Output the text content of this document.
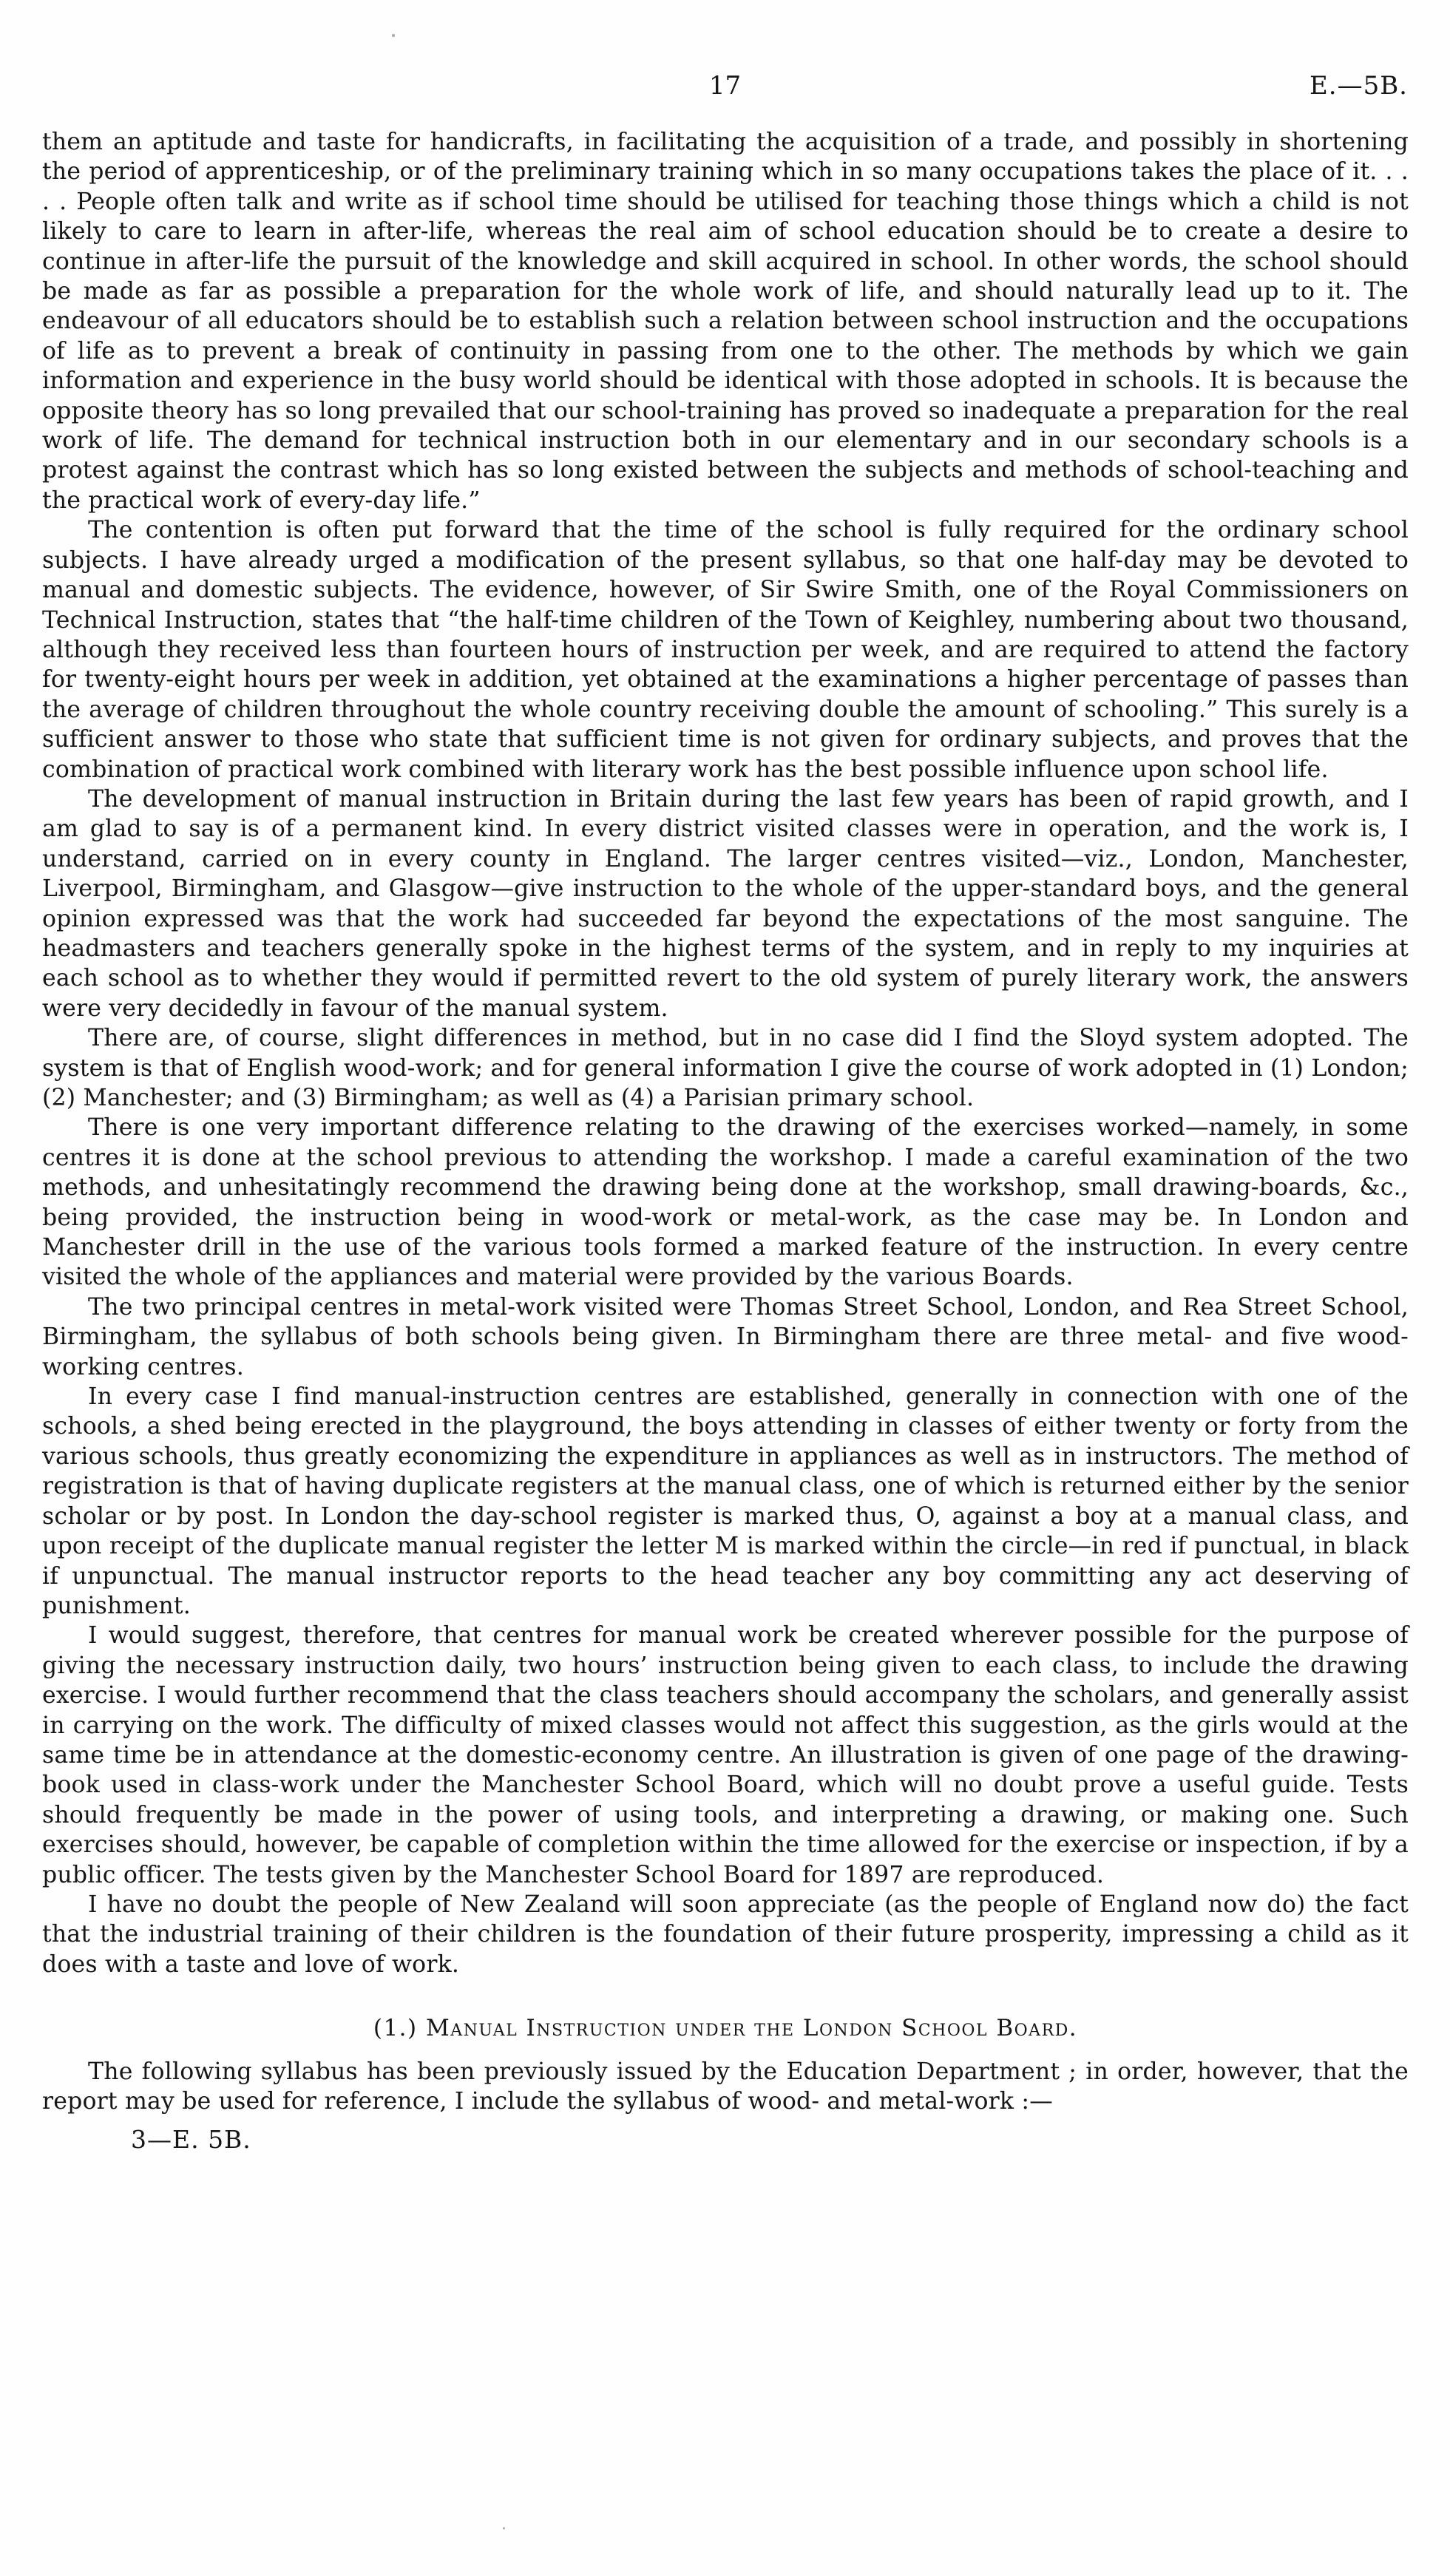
17	E.—5B.

them an aptitude and taste for handicrafts, in facilitating the acquisition of a trade, and possibly in shortening the period of apprenticeship, or of the preliminary training which in so many occupations takes the place of it. . . . . People often talk and write as if school time should be utilised for teaching those things which a child is not likely to care to learn in after-life, whereas the real aim of school education should be to create a desire to continue in after-life the pursuit of the knowledge and skill acquired in school. In other words, the school should be made as far as possible a preparation for the whole work of life, and should naturally lead up to it. The endeavour of all educators should be to establish such a relation between school instruction and the occupations of life as to prevent a break of continuity in passing from one to the other. The methods by which we gain information and experience in the busy world should be identical with those adopted in schools. It is because the opposite theory has so long prevailed that our school-training has proved so inadequate a preparation for the real work of life. The demand for technical instruction both in our elementary and in our secondary schools is a protest against the contrast which has so long existed between the subjects and methods of school-teaching and the practical work of every-day life.”

The contention is often put forward that the time of the school is fully required for the ordinary school subjects. I have already urged a modification of the present syllabus, so that one half-day may be devoted to manual and domestic subjects. The evidence, however, of Sir Swire Smith, one of the Royal Commissioners on Technical Instruction, states that “the half-time children of the Town of Keighley, numbering about two thousand, although they received less than fourteen hours of instruction per week, and are required to attend the factory for twenty-eight hours per week in addition, yet obtained at the examinations a higher percentage of passes than the average of children throughout the whole country receiving double the amount of schooling.” This surely is a sufficient answer to those who state that sufficient time is not given for ordinary subjects, and proves that the combination of practical work combined with literary work has the best possible influence upon school life.

The development of manual instruction in Britain during the last few years has been of rapid growth, and I am glad to say is of a permanent kind. In every district visited classes were in operation, and the work is, I understand, carried on in every county in England. The larger centres visited—viz., London, Manchester, Liverpool, Birmingham, and Glasgow—give instruction to the whole of the upper-standard boys, and the general opinion expressed was that the work had succeeded far beyond the expectations of the most sanguine. The headmasters and teachers generally spoke in the highest terms of the system, and in reply to my inquiries at each school as to whether they would if permitted revert to the old system of purely literary work, the answers were very decidedly in favour of the manual system.

There are, of course, slight differences in method, but in no case did I find the Sloyd system adopted. The system is that of English wood-work; and for general information I give the course of work adopted in (1) London; (2) Manchester; and (3) Birmingham; as well as (4) a Parisian primary school.

There is one very important difference relating to the drawing of the exercises worked—namely, in some centres it is done at the school previous to attending the workshop. I made a careful examination of the two methods, and unhesitatingly recommend the drawing being done at the workshop, small drawing-boards, &c., being provided, the instruction being in wood-work or metal-work, as the case may be. In London and Manchester drill in the use of the various tools formed a marked feature of the instruction. In every centre visited the whole of the appliances and material were provided by the various Boards.

The two principal centres in metal-work visited were Thomas Street School, London, and Rea Street School, Birmingham, the syllabus of both schools being given. In Birmingham there are three metal- and five wood-working centres.

In every case I find manual-instruction centres are established, generally in connection with one of the schools, a shed being erected in the playground, the boys attending in classes of either twenty or forty from the various schools, thus greatly economizing the expenditure in appliances as well as in instructors. The method of registration is that of having duplicate registers at the manual class, one of which is returned either by the senior scholar or by post. In London the day-school register is marked thus, O, against a boy at a manual class, and upon receipt of the duplicate manual register the letter M is marked within the circle—in red if punctual, in black if unpunctual. The manual instructor reports to the head teacher any boy committing any act deserving of punishment.

I would suggest, therefore, that centres for manual work be created wherever possible for the purpose of giving the necessary instruction daily, two hours’ instruction being given to each class, to include the drawing exercise. I would further recommend that the class teachers should accompany the scholars, and generally assist in carrying on the work. The difficulty of mixed classes would not affect this suggestion, as the girls would at the same time be in attendance at the domestic-economy centre. An illustration is given of one page of the drawing-book used in class-work under the Manchester School Board, which will no doubt prove a useful guide. Tests should frequently be made in the power of using tools, and interpreting a drawing, or making one. Such exercises should, however, be capable of completion within the time allowed for the exercise or inspection, if by a public officer. The tests given by the Manchester School Board for 1897 are reproduced.

I have no doubt the people of New Zealand will soon appreciate (as the people of England now do) the fact that the industrial training of their children is the foundation of their future prosperity, impressing a child as it does with a taste and love of work.

(1.) Manual Instruction under the London School Board.

The following syllabus has been previously issued by the Education Department ; in order, however, that the report may be used for reference, I include the syllabus of wood- and metal-work :—

3—E. 5B.
